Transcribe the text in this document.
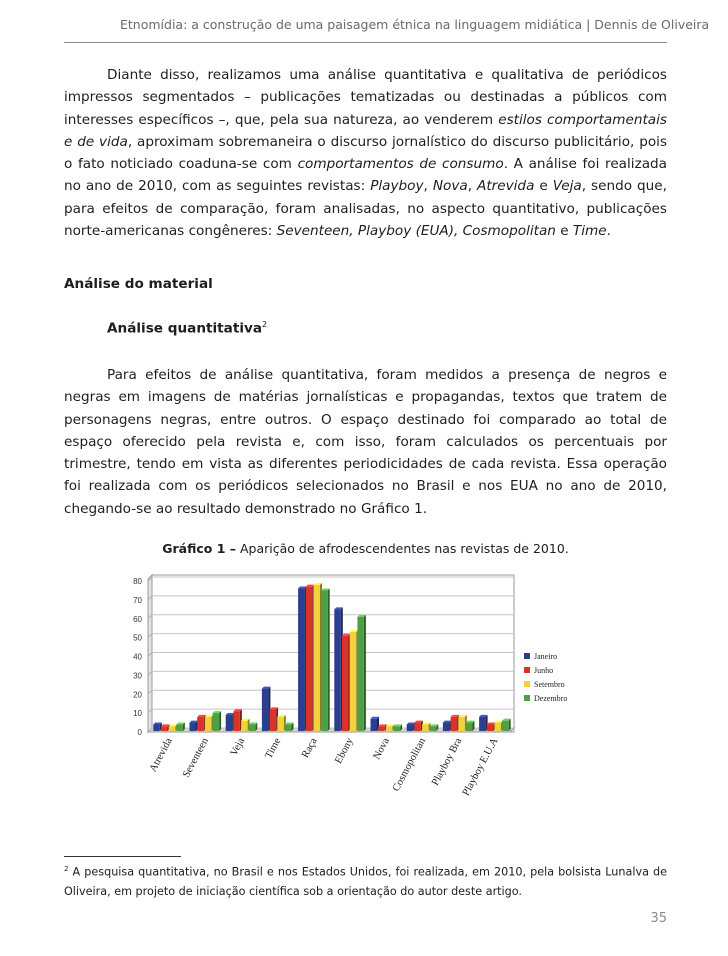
Etnomídia: a construção de uma paisagem étnica na linguagem midiática | Dennis de Oliveira

Diante disso, realizamos uma análise quantitativa e qualitativa de periódicos impressos segmentados – publicações tematizadas ou destinadas a públicos com interesses específicos –, que, pela sua natureza, ao venderem estilos comportamentais e de vida, aproximam sobremaneira o discurso jornalístico do discurso publicitário, pois o fato noticiado coaduna-se com comportamentos de consumo. A análise foi realizada no ano de 2010, com as seguintes revistas: Playboy, Nova, Atrevida e Veja, sendo que, para efeitos de comparação, foram analisadas, no aspecto quantitativo, publicações norte-americanas congêneres: Seventeen, Playboy (EUA), Cosmopolitan e Time.

Análise do material
Análise quantitativa$^2$

Para efeitos de análise quantitativa, foram medidos a presença de negros e negras em imagens de matérias jornalísticas e propagandas, textos que tratem de personagens negras, entre outros. O espaço destinado foi comparado ao total de espaço oferecido pela revista e, com isso, foram calculados os percentuais por trimestre, tendo em vista as diferentes periodicidades de cada revista. Essa operação foi realizada com os periódicos selecionados no Brasil e nos EUA no ano de 2010, chegando-se ao resultado demonstrado no Gráfico 1.

Gráfico 1 – Aparição de afrodescendentes nas revistas de 2010.
0
10
20
30
40
50
60
70
80
Atrevida Seventeen Veja Time Raça Ebony Nova
Cosmopolitan Playboy Bra
Playboy E.U.A
Janeiro
Junho
Setembro
Dezembro
$^2$ A pesquisa quantitativa, no Brasil e nos Estados Unidos, foi realizada, em 2010, pela bolsista Lunalva de Oliveira, em projeto de iniciação científica sob a orientação do autor deste artigo.
35
